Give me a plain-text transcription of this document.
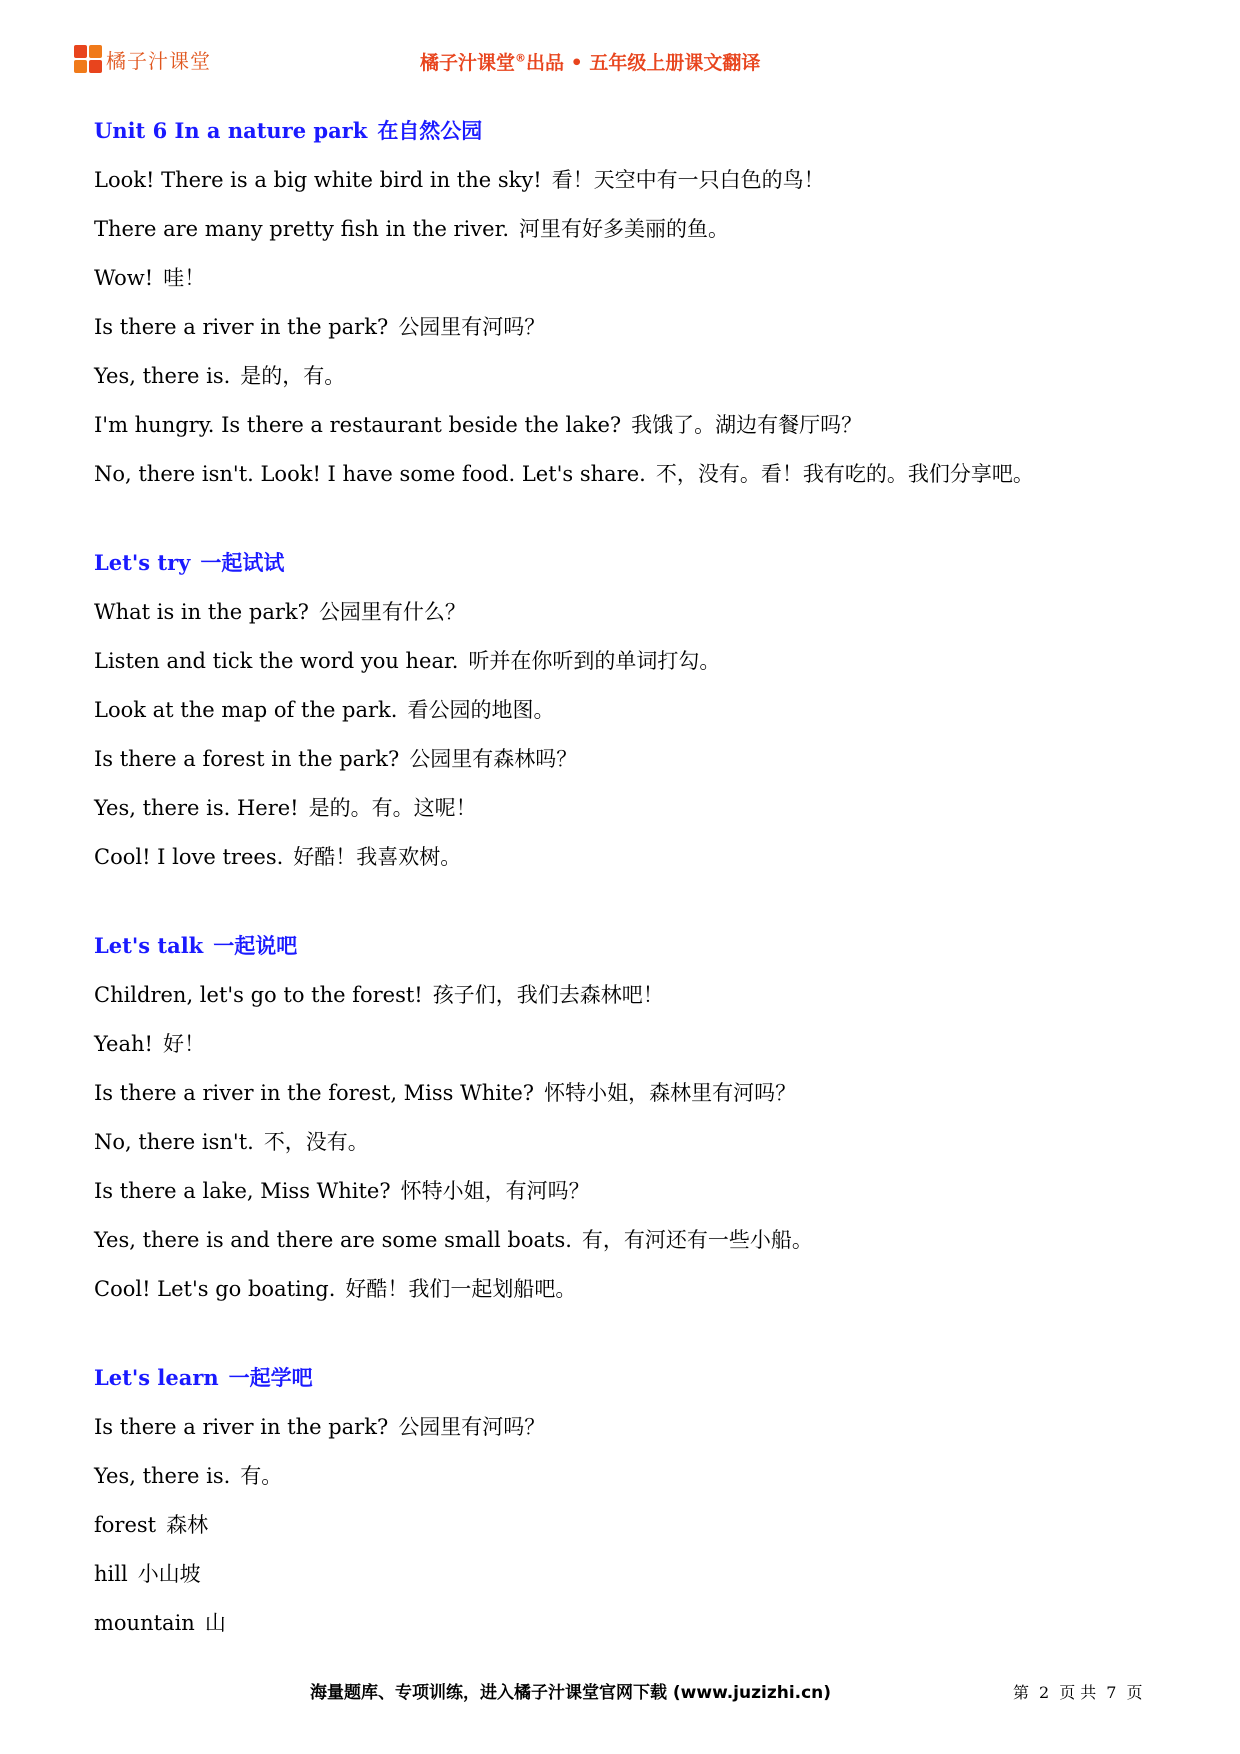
橘子汁课堂	橘子汁课堂®出品 • 五年级上册课文翻译
Unit 6 In a nature park 在自然公园
Look! There is a big white bird in the sky! 看！天空中有一只白色的鸟！
There are many pretty fish in the river. 河里有好多美丽的鱼。
Wow! 哇！
Is there a river in the park? 公园里有河吗？
Yes, there is. 是的，有。
I'm hungry. Is there a restaurant beside the lake? 我饿了。湖边有餐厅吗？
No, there isn't. Look! I have some food. Let's share. 不，没有。看！我有吃的。我们分享吧。
Let's try 一起试试
What is in the park? 公园里有什么？
Listen and tick the word you hear. 听并在你听到的单词打勾。
Look at the map of the park. 看公园的地图。
Is there a forest in the park? 公园里有森林吗？
Yes, there is. Here! 是的。有。这呢！
Cool! I love trees. 好酷！我喜欢树。
Let's talk 一起说吧
Children, let's go to the forest! 孩子们，我们去森林吧！
Yeah! 好！
Is there a river in the forest, Miss White? 怀特小姐，森林里有河吗？
No, there isn't. 不，没有。
Is there a lake, Miss White? 怀特小姐，有河吗？
Yes, there is and there are some small boats. 有，有河还有一些小船。
Cool! Let's go boating. 好酷！我们一起划船吧。
Let's learn 一起学吧
Is there a river in the park? 公园里有河吗？
Yes, there is. 有。
forest 森林
hill 小山坡
mountain 山
海量题库、专项训练，进入橘子汁课堂官网下载 (www.juzizhi.cn)	第 2 页 共 7 页
